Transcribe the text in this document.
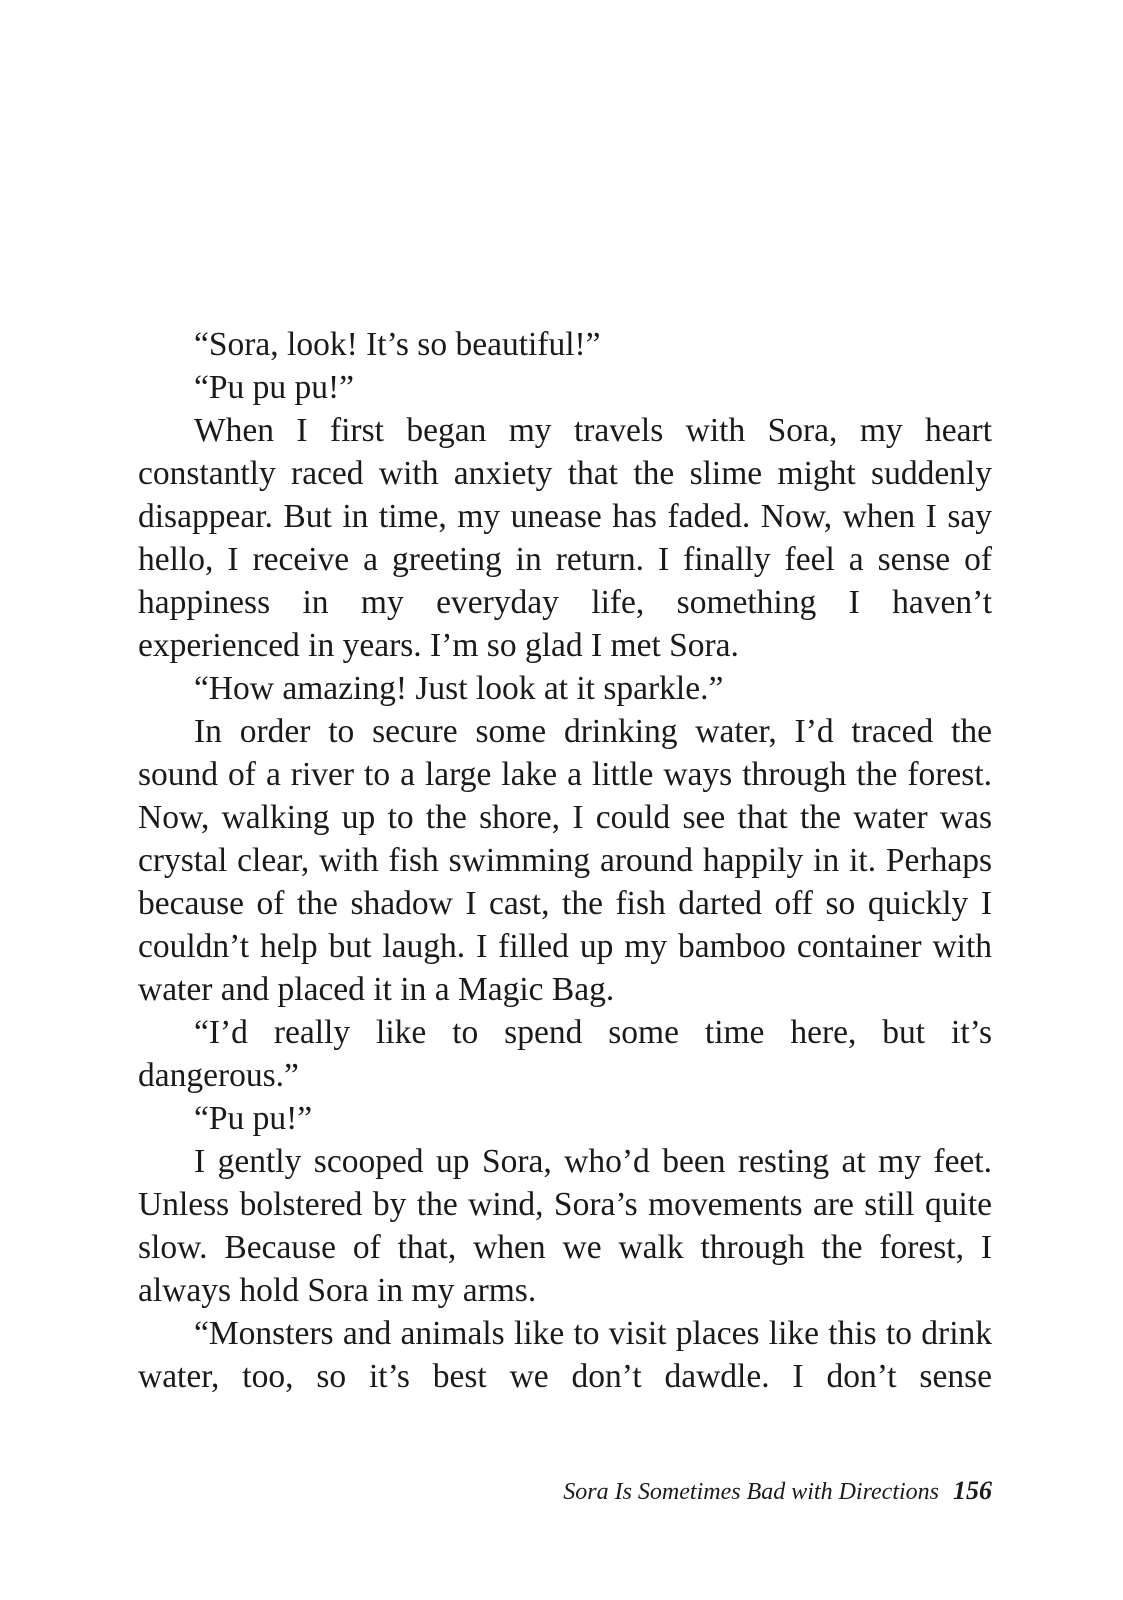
“Sora, look! It’s so beautiful!”

“Pu pu pu!”

When I first began my travels with Sora, my heart constantly raced with anxiety that the slime might suddenly disappear. But in time, my unease has faded. Now, when I say hello, I receive a greeting in return. I finally feel a sense of happiness in my everyday life, something I haven’t experienced in years. I’m so glad I met Sora.

“How amazing! Just look at it sparkle.”

In order to secure some drinking water, I’d traced the sound of a river to a large lake a little ways through the forest. Now, walking up to the shore, I could see that the water was crystal clear, with fish swimming around happily in it. Perhaps because of the shadow I cast, the fish darted off so quickly I couldn’t help but laugh. I filled up my bamboo container with water and placed it in a Magic Bag.

“I’d really like to spend some time here, but it’s dangerous.”

“Pu pu!”

I gently scooped up Sora, who’d been resting at my feet. Unless bolstered by the wind, Sora’s movements are still quite slow. Because of that, when we walk through the forest, I always hold Sora in my arms.

“Monsters and animals like to visit places like this to drink water, too, so it’s best we don’t dawdle. I don’t sense

Sora Is Sometimes Bad with Directions 156
